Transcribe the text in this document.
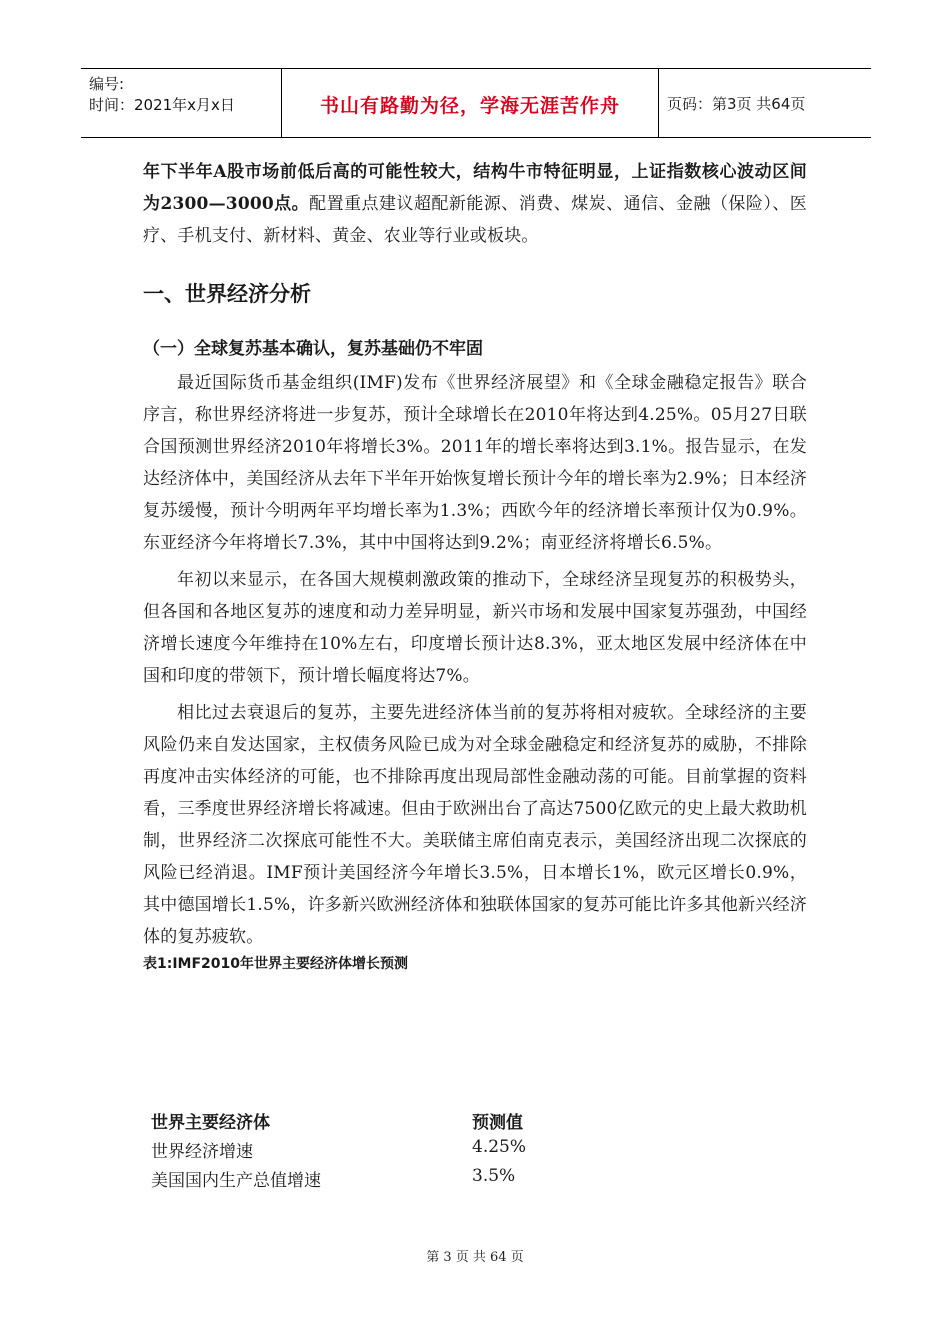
编号:
时间：2021年x月x日	书山有路勤为径，学海无涯苦作舟	页码：第3页 共64页

年下半年A股市场前低后高的可能性较大，结构牛市特征明显，上证指数核心波动区间为2300—3000点。配置重点建议超配新能源、消费、煤炭、通信、金融（保险）、医疗、手机支付、新材料、黄金、农业等行业或板块。

一、世界经济分析

（一）全球复苏基本确认，复苏基础仍不牢固

最近国际货币基金组织(IMF)发布《世界经济展望》和《全球金融稳定报告》联合序言，称世界经济将进一步复苏，预计全球增长在2010年将达到4.25%。05月27日联合国预测世界经济2010年将增长3%。2011年的增长率将达到3.1%。报告显示，在发达经济体中，美国经济从去年下半年开始恢复增长预计今年的增长率为2.9%；日本经济复苏缓慢，预计今明两年平均增长率为1.3%；西欧今年的经济增长率预计仅为0.9%。东亚经济今年将增长7.3%，其中中国将达到9.2%；南亚经济将增长6.5%。

年初以来显示，在各国大规模刺激政策的推动下，全球经济呈现复苏的积极势头，但各国和各地区复苏的速度和动力差异明显，新兴市场和发展中国家复苏强劲，中国经济增长速度今年维持在10%左右，印度增长预计达8.3%，亚太地区发展中经济体在中国和印度的带领下，预计增长幅度将达7%。

相比过去衰退后的复苏，主要先进经济体当前的复苏将相对疲软。全球经济的主要风险仍来自发达国家，主权债务风险已成为对全球金融稳定和经济复苏的威胁，不排除再度冲击实体经济的可能，也不排除再度出现局部性金融动荡的可能。目前掌握的资料看，三季度世界经济增长将减速。但由于欧洲出台了高达7500亿欧元的史上最大救助机制，世界经济二次探底可能性不大。美联储主席伯南克表示，美国经济出现二次探底的风险已经消退。IMF预计美国经济今年增长3.5%，日本增长1%，欧元区增长0.9%，其中德国增长1.5%，许多新兴欧洲经济体和独联体国家的复苏可能比许多其他新兴经济体的复苏疲软。

表1:IMF2010年世界主要经济体增长预测
世界主要经济体	预测值
世界经济增速	4.25%
美国国内生产总值增速	3.5%
第 3 页 共 64 页
